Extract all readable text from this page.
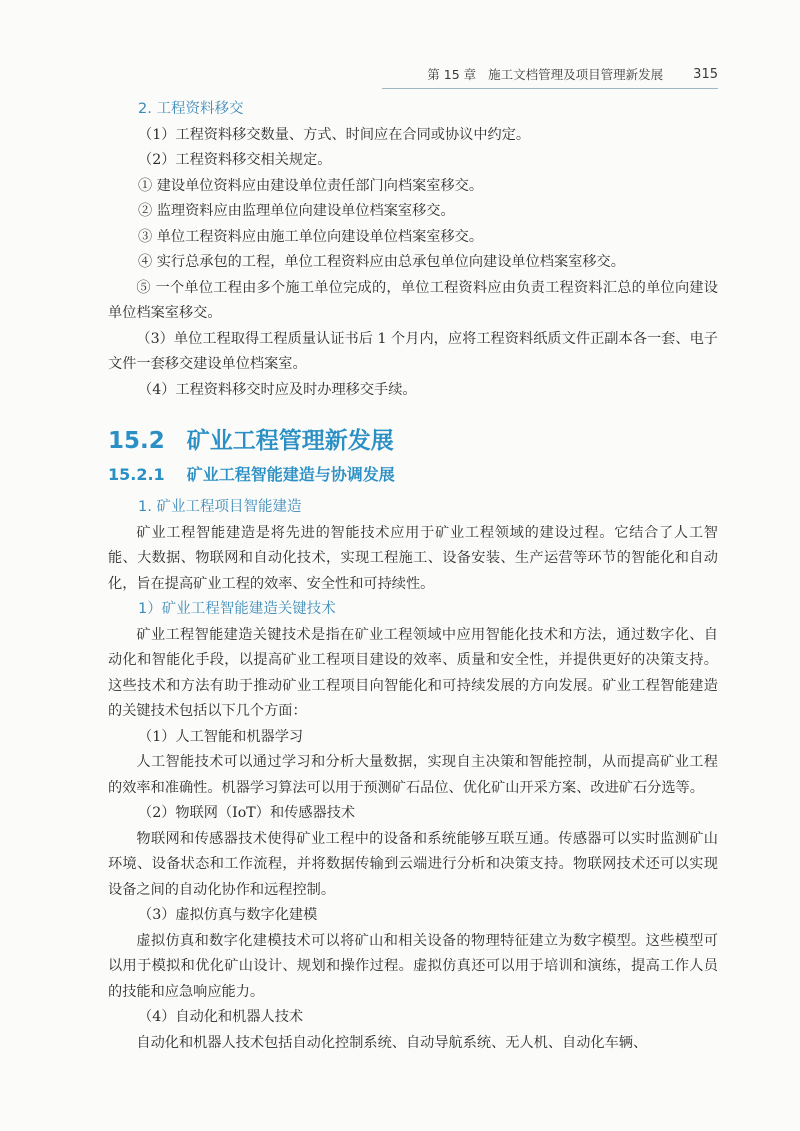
第 15 章 施工文档管理及项目管理新发展 315

2. 工程资料移交

（1）工程资料移交数量、方式、时间应在合同或协议中约定。

（2）工程资料移交相关规定。

① 建设单位资料应由建设单位责任部门向档案室移交。

② 监理资料应由监理单位向建设单位档案室移交。

③ 单位工程资料应由施工单位向建设单位档案室移交。

④ 实行总承包的工程，单位工程资料应由总承包单位向建设单位档案室移交。

⑤ 一个单位工程由多个施工单位完成的，单位工程资料应由负责工程资料汇总的单位向建设单位档案室移交。

（3）单位工程取得工程质量认证书后 1 个月内，应将工程资料纸质文件正副本各一套、电子文件一套移交建设单位档案室。

（4）工程资料移交时应及时办理移交手续。

15.2 矿业工程管理新发展
15.2.1 矿业工程智能建造与协调发展

1. 矿业工程项目智能建造

矿业工程智能建造是将先进的智能技术应用于矿业工程领域的建设过程。它结合了人工智能、大数据、物联网和自动化技术，实现工程施工、设备安装、生产运营等环节的智能化和自动化，旨在提高矿业工程的效率、安全性和可持续性。

1）矿业工程智能建造关键技术

矿业工程智能建造关键技术是指在矿业工程领域中应用智能化技术和方法，通过数字化、自动化和智能化手段，以提高矿业工程项目建设的效率、质量和安全性，并提供更好的决策支持。这些技术和方法有助于推动矿业工程项目向智能化和可持续发展的方向发展。矿业工程智能建造的关键技术包括以下几个方面：

（1）人工智能和机器学习

人工智能技术可以通过学习和分析大量数据，实现自主决策和智能控制，从而提高矿业工程的效率和准确性。机器学习算法可以用于预测矿石品位、优化矿山开采方案、改进矿石分选等。

（2）物联网（IoT）和传感器技术

物联网和传感器技术使得矿业工程中的设备和系统能够互联互通。传感器可以实时监测矿山环境、设备状态和工作流程，并将数据传输到云端进行分析和决策支持。物联网技术还可以实现设备之间的自动化协作和远程控制。

（3）虚拟仿真与数字化建模

虚拟仿真和数字化建模技术可以将矿山和相关设备的物理特征建立为数字模型。这些模型可以用于模拟和优化矿山设计、规划和操作过程。虚拟仿真还可以用于培训和演练，提高工作人员的技能和应急响应能力。

（4）自动化和机器人技术

自动化和机器人技术包括自动化控制系统、自动导航系统、无人机、自动化车辆、
